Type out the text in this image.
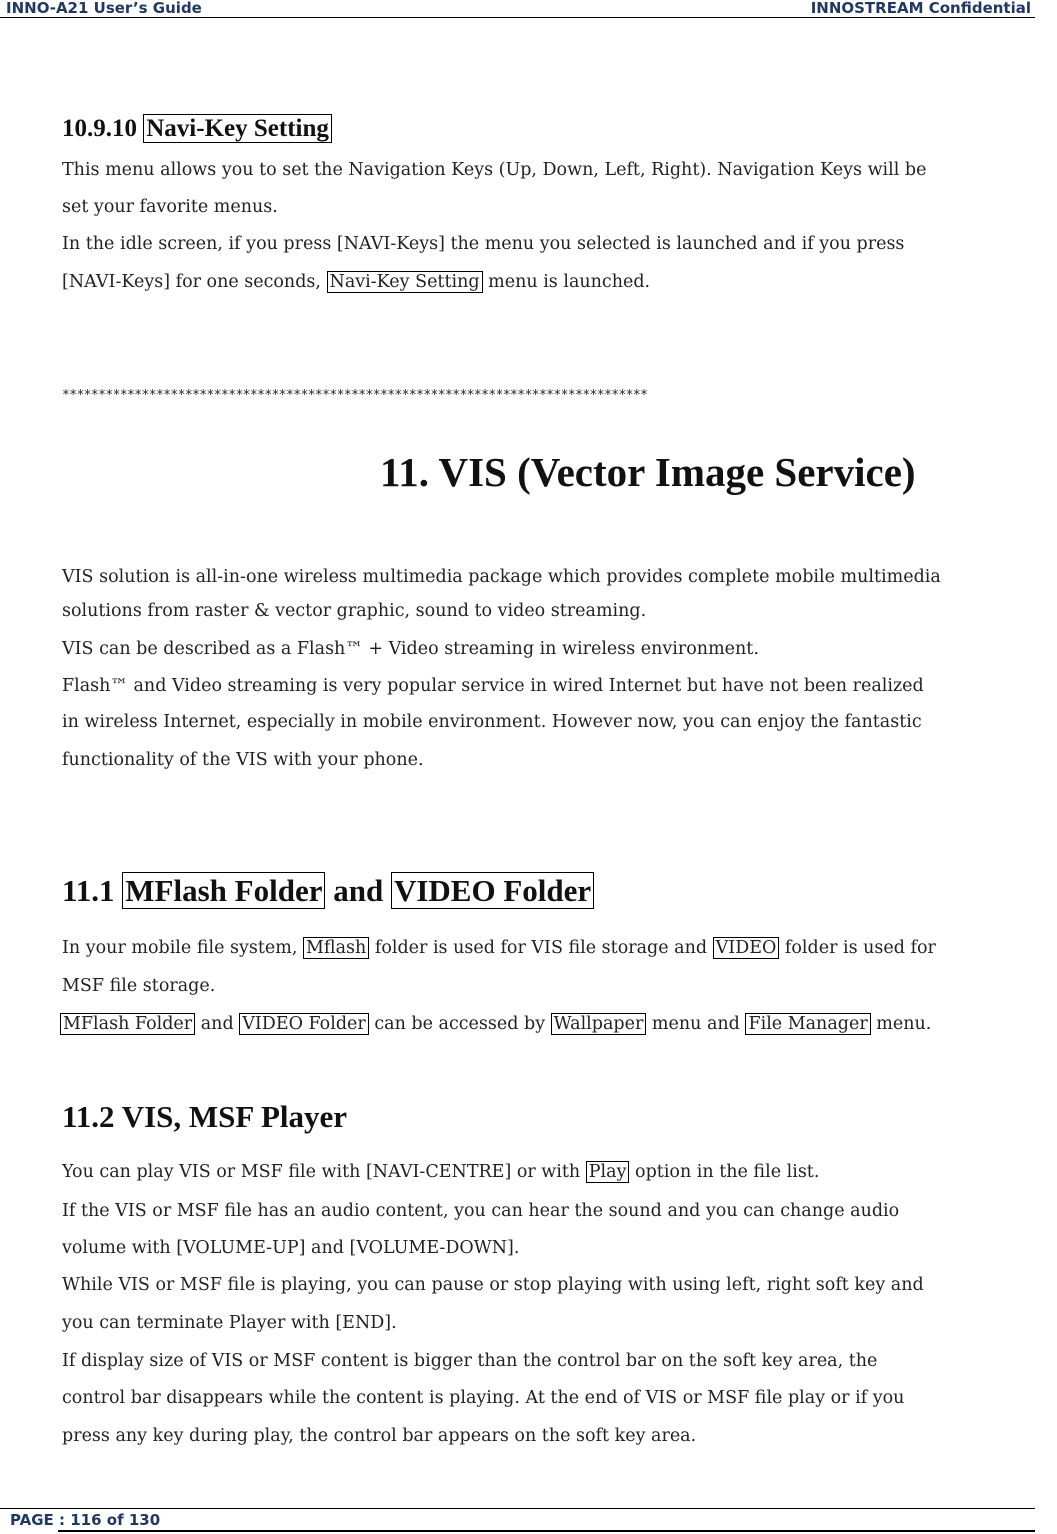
INNO-A21 User’s Guide	INNOSTREAM Confidential
10.9.10 Navi-Key Setting
This menu allows you to set the Navigation Keys (Up, Down, Left, Right). Navigation Keys will be
set your favorite menus.
In the idle screen, if you press [NAVI-Keys] the menu you selected is launched and if you press
[NAVI-Keys] for one seconds, Navi-Key Setting menu is launched.
*********************************************************************************
11. VIS (Vector Image Service)
VIS solution is all-in-one wireless multimedia package which provides complete mobile multimedia
solutions from raster & vector graphic, sound to video streaming.
VIS can be described as a Flash™ + Video streaming in wireless environment.
Flash™ and Video streaming is very popular service in wired Internet but have not been realized
in wireless Internet, especially in mobile environment. However now, you can enjoy the fantastic
functionality of the VIS with your phone.
11.1 MFlash Folder and VIDEO Folder
In your mobile file system, Mflash folder is used for VIS file storage and VIDEO folder is used for
MSF file storage.
MFlash Folder and VIDEO Folder can be accessed by Wallpaper menu and File Manager menu.
11.2 VIS, MSF Player
You can play VIS or MSF file with [NAVI-CENTRE] or with Play option in the file list.
If the VIS or MSF file has an audio content, you can hear the sound and you can change audio
volume with [VOLUME-UP] and [VOLUME-DOWN].
While VIS or MSF file is playing, you can pause or stop playing with using left, right soft key and
you can terminate Player with [END].
If display size of VIS or MSF content is bigger than the control bar on the soft key area, the
control bar disappears while the content is playing. At the end of VIS or MSF file play or if you
press any key during play, the control bar appears on the soft key area.
PAGE : 116 of 130
